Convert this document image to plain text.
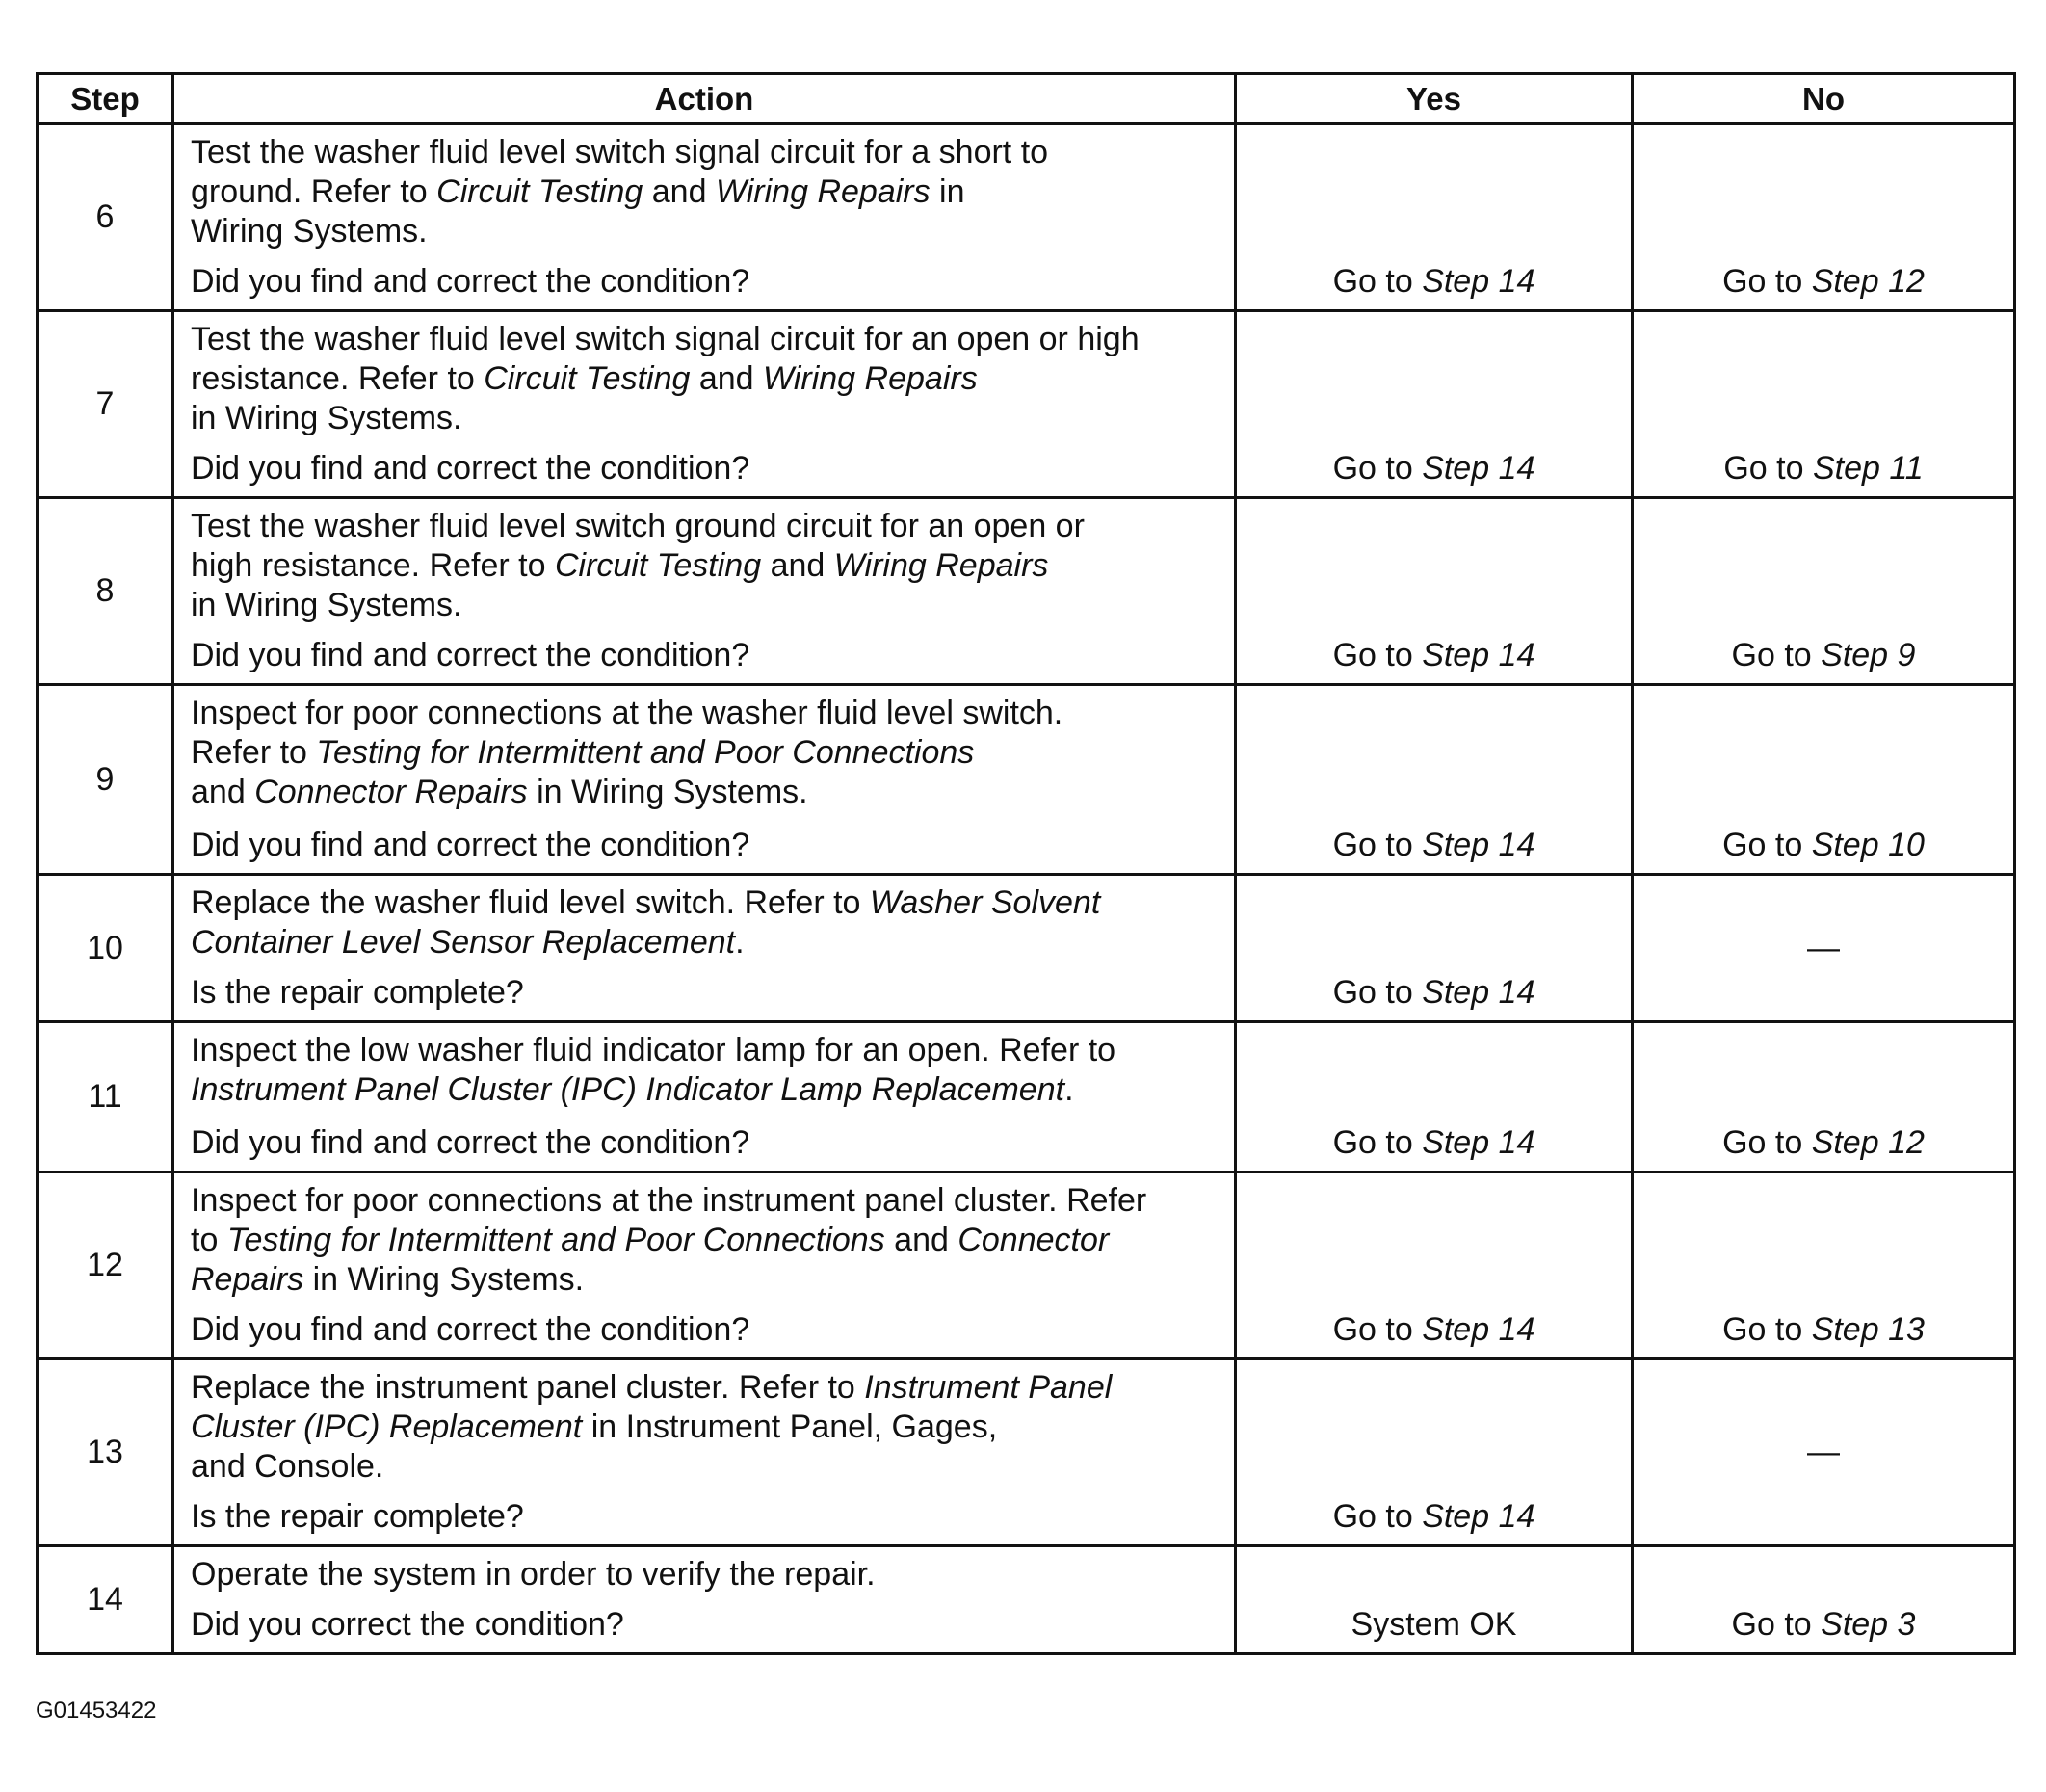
Step	Action	Yes	No
6	Test the washer fluid level switch signal circuit for a short to
ground. Refer to Circuit Testing and Wiring Repairs in
Wiring Systems.
Did you find and correct the condition?	Go to Step 14	Go to Step 12
7	Test the washer fluid level switch signal circuit for an open or high
resistance. Refer to Circuit Testing and Wiring Repairs
in Wiring Systems.
Did you find and correct the condition?	Go to Step 14	Go to Step 11
8	Test the washer fluid level switch ground circuit for an open or
high resistance. Refer to Circuit Testing and Wiring Repairs
in Wiring Systems.
Did you find and correct the condition?	Go to Step 14	Go to Step 9
9	Inspect for poor connections at the washer fluid level switch.
Refer to Testing for Intermittent and Poor Connections
and Connector Repairs in Wiring Systems.
Did you find and correct the condition?	Go to Step 14	Go to Step 10
10	Replace the washer fluid level switch. Refer to Washer Solvent
Container Level Sensor Replacement.
Is the repair complete?	Go to Step 14	—
11	Inspect the low washer fluid indicator lamp for an open. Refer to
Instrument Panel Cluster (IPC) Indicator Lamp Replacement.
Did you find and correct the condition?	Go to Step 14	Go to Step 12
12	Inspect for poor connections at the instrument panel cluster. Refer
to Testing for Intermittent and Poor Connections and Connector
Repairs in Wiring Systems.
Did you find and correct the condition?	Go to Step 14	Go to Step 13
13	Replace the instrument panel cluster. Refer to Instrument Panel
Cluster (IPC) Replacement in Instrument Panel, Gages,
and Console.
Is the repair complete?	Go to Step 14	—
14	Operate the system in order to verify the repair.
Did you correct the condition?	System OK	Go to Step 3
G01453422
